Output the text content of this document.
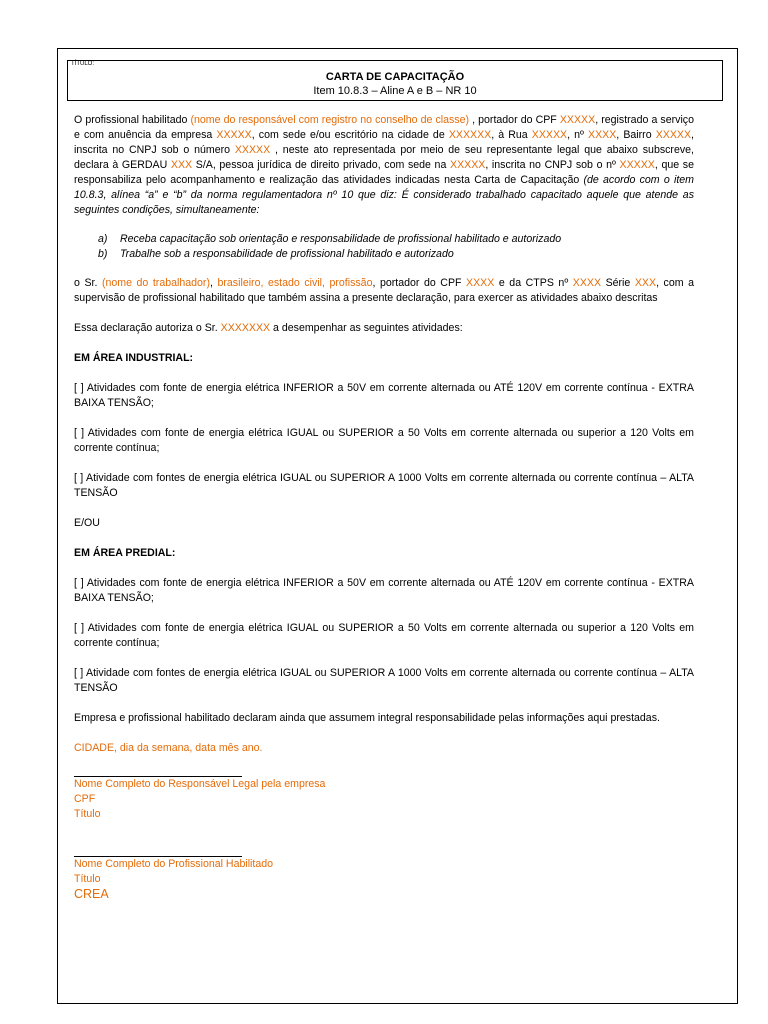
TÍTULO:
CARTA DE CAPACITAÇÃO
Item 10.8.3 – Aline A e B – NR 10

O profissional habilitado (nome do responsável com registro no conselho de classe) , portador do CPF XXXXX, registrado a serviço e com anuência da empresa XXXXX, com sede e/ou escritório na cidade de XXXXXX, à Rua XXXXX, nº XXXX, Bairro XXXXX, inscrita no CNPJ sob o número XXXXX , neste ato representada por meio de seu representante legal que abaixo subscreve, declara à GERDAU XXX S/A, pessoa jurídica de direito privado, com sede na XXXXX, inscrita no CNPJ sob o nº XXXXX, que se responsabiliza pelo acompanhamento e realização das atividades indicadas nesta Carta de Capacitação (de acordo com o item 10.8.3, alínea “a” e “b” da norma regulamentadora nº 10 que diz: É considerado trabalhado capacitado aquele que atende as seguintes condições, simultaneamente:

a)	Receba capacitação sob orientação e responsabilidade de profissional habilitado e autorizado
b)	Trabalhe sob a responsabilidade de profissional habilitado e autorizado

o Sr. (nome do trabalhador), brasileiro, estado civil, profissão, portador do CPF XXXX e da CTPS nº XXXX Série XXX, com a supervisão de profissional habilitado que também assina a presente declaração, para exercer as atividades abaixo descritas

Essa declaração autoriza o Sr. XXXXXXX a desempenhar as seguintes atividades:

EM ÁREA INDUSTRIAL:

[ ] Atividades com fonte de energia elétrica INFERIOR a 50V em corrente alternada ou ATÉ 120V em corrente contínua - EXTRA BAIXA TENSÃO;

[ ] Atividades com fonte de energia elétrica IGUAL ou SUPERIOR a 50 Volts em corrente alternada ou superior a 120 Volts em corrente contínua;

[ ] Atividade com fontes de energia elétrica IGUAL ou SUPERIOR A 1000 Volts em corrente alternada ou corrente contínua – ALTA TENSÃO

E/OU

EM ÁREA PREDIAL:

[ ] Atividades com fonte de energia elétrica INFERIOR a 50V em corrente alternada ou ATÉ 120V em corrente contínua - EXTRA BAIXA TENSÃO;

[ ] Atividades com fonte de energia elétrica IGUAL ou SUPERIOR a 50 Volts em corrente alternada ou superior a 120 Volts em corrente contínua;

[ ] Atividade com fontes de energia elétrica IGUAL ou SUPERIOR A 1000 Volts em corrente alternada ou corrente contínua – ALTA TENSÃO

Empresa e profissional habilitado declaram ainda que assumem integral responsabilidade pelas informações aqui prestadas.

CIDADE, dia da semana, data mês ano.

Nome Completo do Responsável Legal pela empresa

CPF

Título

Nome Completo do Profissional Habilitado

Título

CREA
